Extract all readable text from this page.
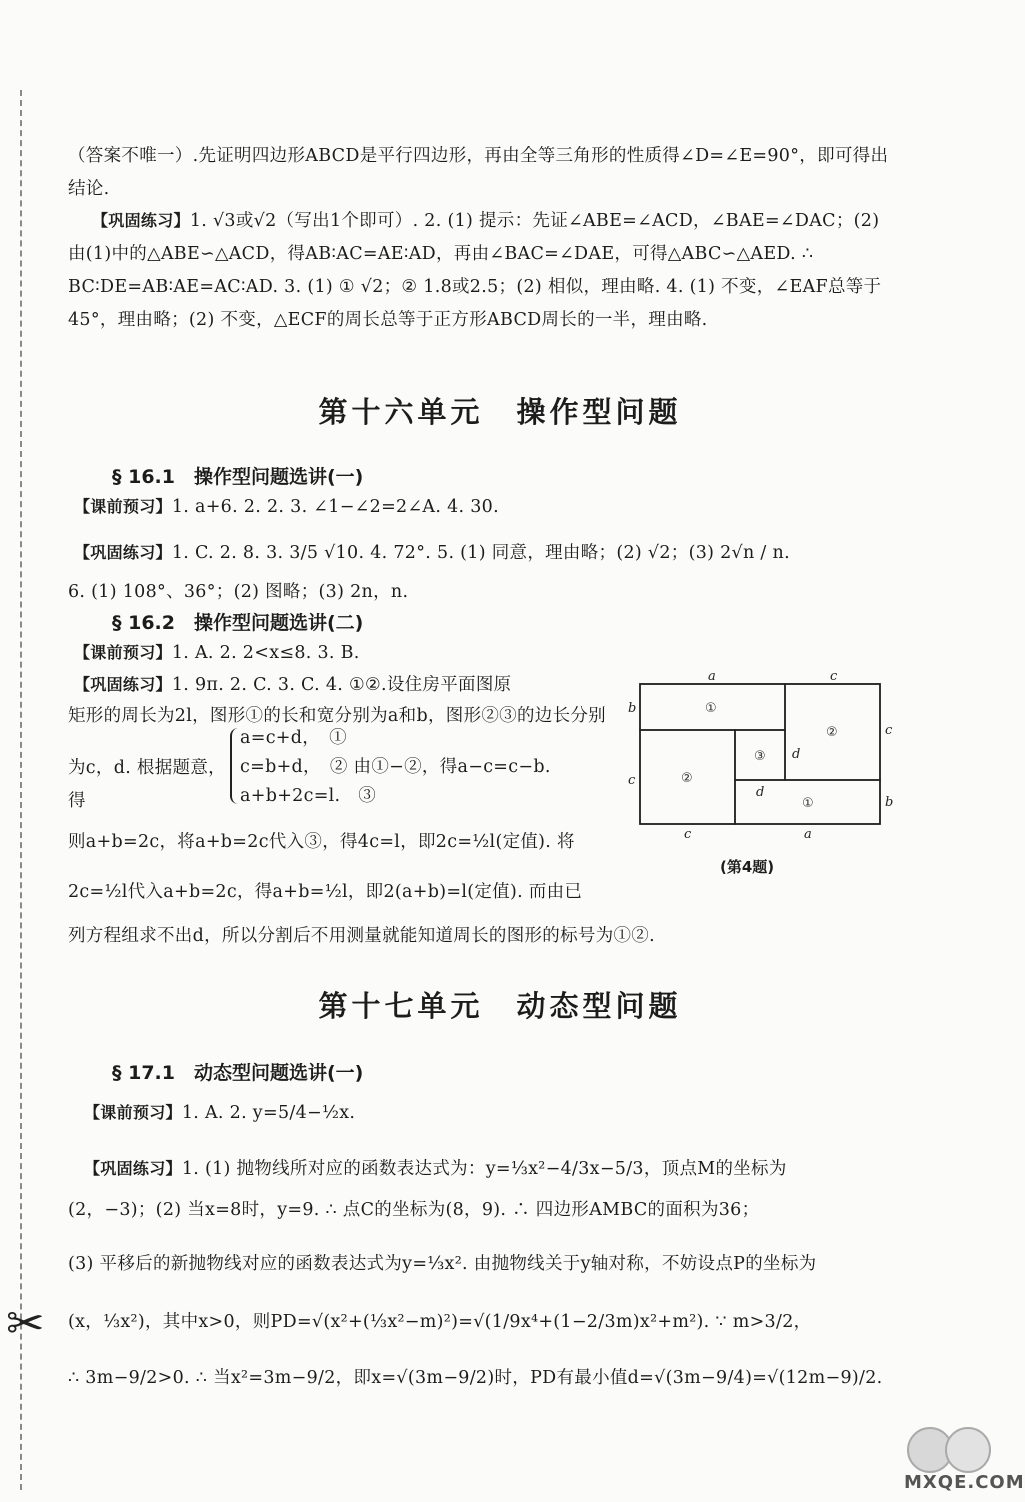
✂
（答案不唯一）.先证明四边形ABCD是平行四边形，再由全等三角形的性质得∠D=∠E=90°，即可得出结论.
【巩固练习】1. √3或√2（写出1个即可）. 2. (1) 提示：先证∠ABE=∠ACD，∠BAE=∠DAC；(2) 由(1)中的△ABE∽△ACD，得AB∶AC=AE∶AD，再由∠BAC=∠DAE，可得△ABC∽△AED. ∴ BC∶DE=AB∶AE=AC∶AD. 3. (1) ① √2；② 1.8或2.5；(2) 相似，理由略. 4. (1) 不变，∠EAF总等于45°，理由略；(2) 不变，△ECF的周长总等于正方形ABCD周长的一半，理由略.
第十六单元　操作型问题
§ 16.1　操作型问题选讲(一)
【课前预习】1. a+6. 2. 2. 3. ∠1−∠2=2∠A. 4. 30.
【巩固练习】1. C. 2. 8. 3. 3/5 √10. 4. 72°. 5. (1) 同意，理由略；(2) √2；(3) 2√n / n.
6. (1) 108°、36°；(2) 图略；(3) 2n，n.
§ 16.2　操作型问题选讲(二)
【课前预习】1. A. 2. 2<x≤8. 3. B.
【巩固练习】1. 9π. 2. C. 3. C. 4. ①②.设住房平面图原
矩形的周长为2l，图形①的长和宽分别为a和b，图形②③的边长分别
为c，d. 根据题意，得
a=c+d，　①
c=b+d，　② 由①−②，得a−c=c−b.
a+b+2c=l.　③
则a+b=2c，将a+b=2c代入③，得4c=l，即2c=½l(定值). 将
2c=½l代入a+b=2c，得a+b=½l，即2(a+b)=l(定值). 而由已
列方程组求不出d，所以分割后不用测量就能知道周长的图形的标号为①②.
a	c
b
c
c
b
d
d
c	a
①
②
②
③
①
(第4题)
第十七单元　动态型问题
§ 17.1　动态型问题选讲(一)
【课前预习】1. A. 2. y=5/4−½x.
【巩固练习】1. (1) 抛物线所对应的函数表达式为：y=⅓x²−4/3x−5/3，顶点M的坐标为
(2，−3)；(2) 当x=8时，y=9. ∴ 点C的坐标为(8，9). ∴ 四边形AMBC的面积为36；
(3) 平移后的新抛物线对应的函数表达式为y=⅓x². 由抛物线关于y轴对称，不妨设点P的坐标为
(x，⅓x²)，其中x>0，则PD=√(x²+(⅓x²−m)²)=√(1/9x⁴+(1−2/3m)x²+m²). ∵ m>3/2，
∴ 3m−9/2>0. ∴ 当x²=3m−9/2，即x=√(3m−9/2)时，PD有最小值d=√(3m−9/4)=√(12m−9)/2.
MXQE.COM
